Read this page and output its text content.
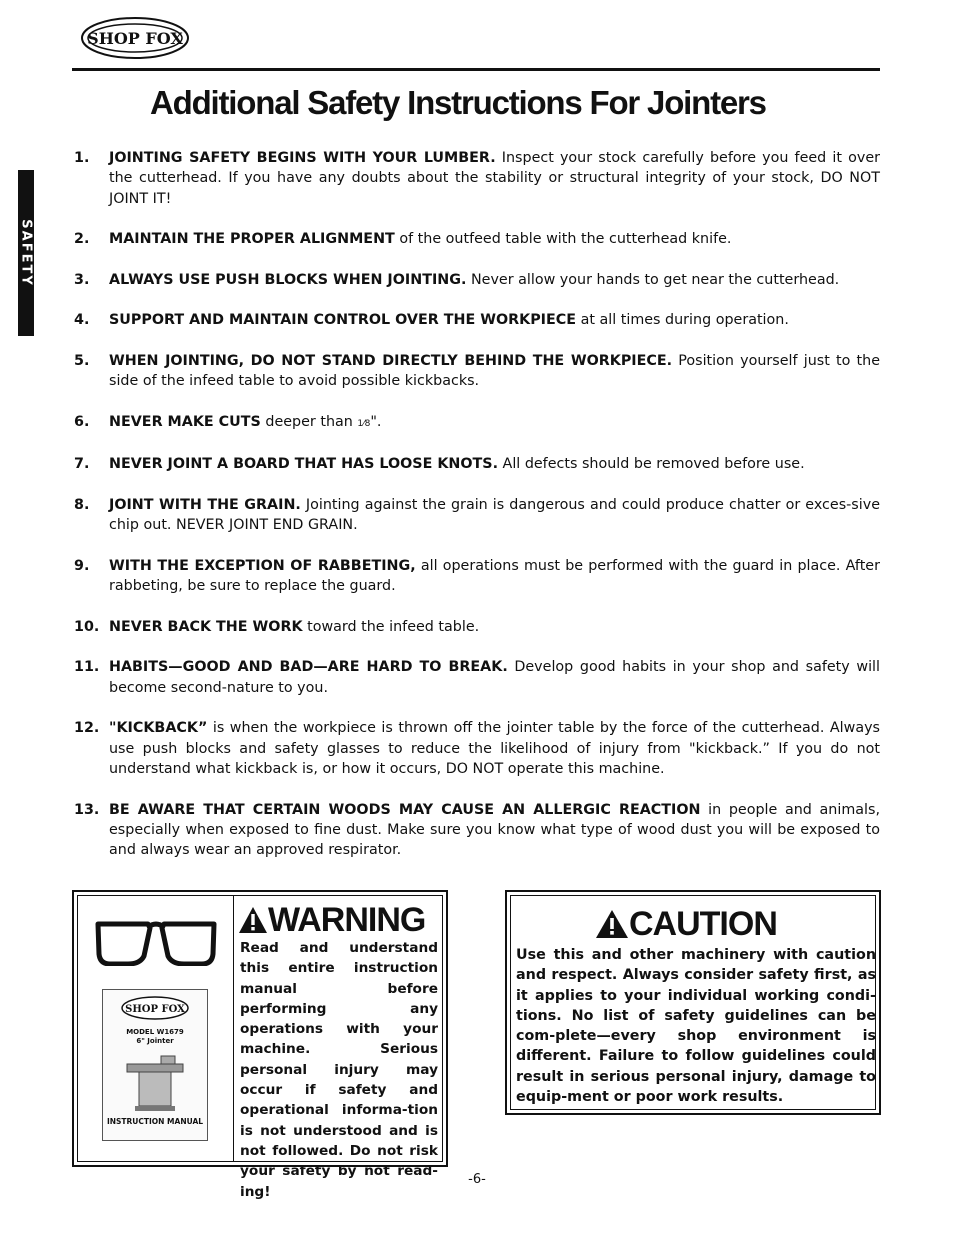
SHOP FOX
SAFETY
Additional Safety Instructions For Jointers
1. JOINTING SAFETY BEGINS WITH YOUR LUMBER. Inspect your stock carefully before you feed it over the cutterhead. If you have any doubts about the stability or structural integrity of your stock, DO NOT JOINT IT!
2. MAINTAIN THE PROPER ALIGNMENT of the outfeed table with the cutterhead knife.
3. ALWAYS USE PUSH BLOCKS WHEN JOINTING. Never allow your hands to get near the cutterhead.
4. SUPPORT AND MAINTAIN CONTROL OVER THE WORKPIECE at all times during operation.
5. WHEN JOINTING, DO NOT STAND DIRECTLY BEHIND THE WORKPIECE. Position yourself just to the side of the infeed table to avoid possible kickbacks.
6. NEVER MAKE CUTS deeper than 1⁄8".
7. NEVER JOINT A BOARD THAT HAS LOOSE KNOTS. All defects should be removed before use.
8. JOINT WITH THE GRAIN. Jointing against the grain is dangerous and could produce chatter or exces-sive chip out. NEVER JOINT END GRAIN.
9. WITH THE EXCEPTION OF RABBETING, all operations must be performed with the guard in place. After rabbeting, be sure to replace the guard.
10. NEVER BACK THE WORK toward the infeed table.
11. HABITS—GOOD AND BAD—ARE HARD TO BREAK. Develop good habits in your shop and safety will become second-nature to you.
12. "KICKBACK” is when the workpiece is thrown off the jointer table by the force of the cutterhead. Always use push blocks and safety glasses to reduce the likelihood of injury from "kickback.” If you do not understand what kickback is, or how it occurs, DO NOT operate this machine.
13. BE AWARE THAT CERTAIN WOODS MAY CAUSE AN ALLERGIC REACTION in people and animals, especially when exposed to fine dust. Make sure you know what type of wood dust you will be exposed to and always wear an approved respirator.
SHOP FOX
MODEL W1679
6" Jointer
INSTRUCTION MANUAL
WARNING
Read and understand this entire instruction manual before performing any operations with your machine. Serious personal injury may occur if safety and operational informa-tion is not understood and is not followed. Do not risk your safety by not read-ing!
CAUTION
Use this and other machinery with caution and respect. Always consider safety first, as it applies to your individual working condi-tions. No list of safety guidelines can be com-plete—every shop environment is different. Failure to follow guidelines could result in serious personal injury, damage to equip-ment or poor work results.
-6-
